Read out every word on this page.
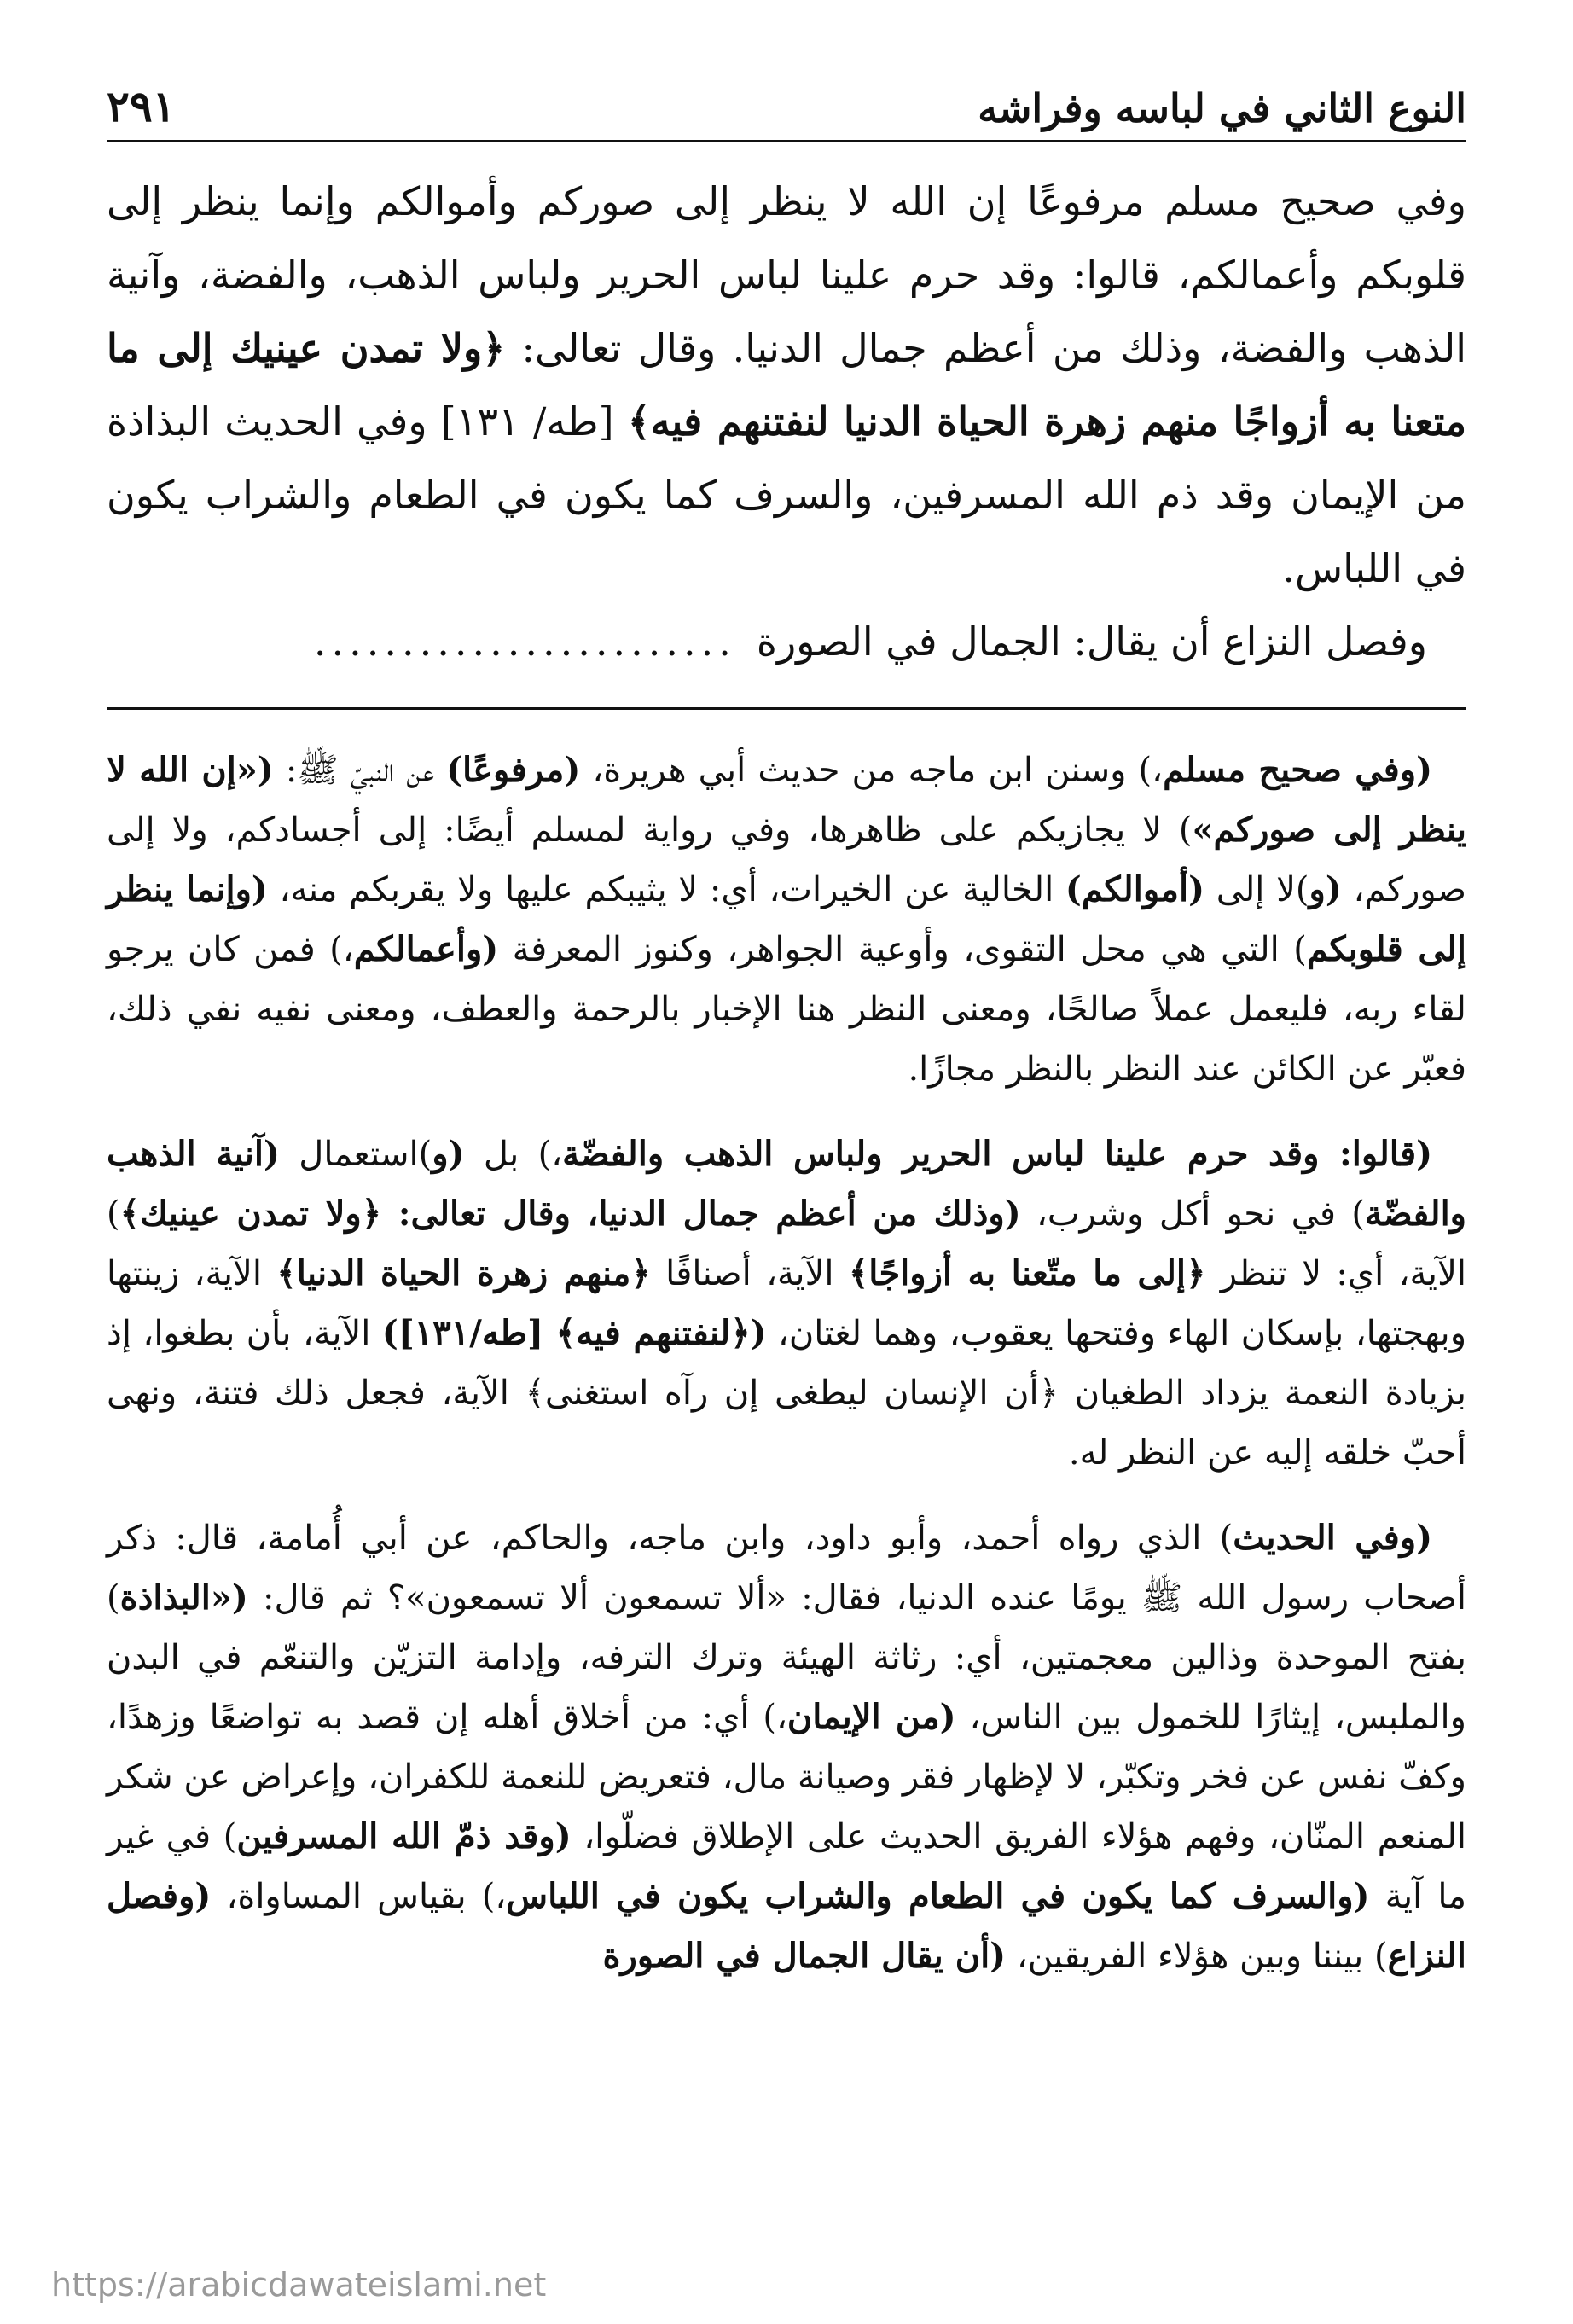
النوع الثاني في لباسه وفراشه
٢٩١

وفي صحيح مسلم مرفوعًا إن الله لا ينظر إلى صوركم وأموالكم وإنما ينظر إلى قلوبكم وأعمالكم، قالوا: وقد حرم علينا لباس الحرير ولباس الذهب، والفضة، وآنية الذهب والفضة، وذلك من أعظم جمال الدنيا. وقال تعالى: ﴿ولا تمدن عينيك إلى ما متعنا به أزواجًا منهم زهرة الحياة الدنيا لنفتنهم فيه﴾ [طه/ ١٣١] وفي الحديث البذاذة من الإيمان وقد ذم الله المسرفين، والسرف كما يكون في الطعام والشراب يكون في اللباس.

 وفصل النزاع أن يقال: الجمال في الصورة........................

 (وفي صحيح مسلم،) وسنن ابن ماجه من حديث أبي هريرة، (مرفوعًا) عن النبيّ ﷺ: («إن الله لا ينظر إلى صوركم») لا يجازيكم على ظاهرها، وفي رواية لمسلم أيضًا: إلى أجسادكم، ولا إلى صوركم، (و)لا إلى (أموالكم) الخالية عن الخيرات، أي: لا يثيبكم عليها ولا يقربكم منه، (وإنما ينظر إلى قلوبكم) التي هي محل التقوى، وأوعية الجواهر، وكنوز المعرفة (وأعمالكم،) فمن كان يرجو لقاء ربه، فليعمل عملاً صالحًا، ومعنى النظر هنا الإخبار بالرحمة والعطف، ومعنى نفيه نفي ذلك، فعبّر عن الكائن عند النظر بالنظر مجازًا.

 (قالوا: وقد حرم علينا لباس الحرير ولباس الذهب والفضّة،) بل (و)استعمال (آنية الذهب والفضّة) في نحو أكل وشرب، (وذلك من أعظم جمال الدنيا، وقال تعالى: ﴿ولا تمدن عينيك﴾) الآية، أي: لا تنظر ﴿إلى ما متّعنا به أزواجًا﴾ الآية، أصنافًا ﴿منهم زهرة الحياة الدنيا﴾ الآية، زينتها وبهجتها، بإسكان الهاء وفتحها يعقوب، وهما لغتان، (﴿لنفتنهم فيه﴾ [طه/١٣١]) الآية، بأن بطغوا، إذ بزيادة النعمة يزداد الطغيان ﴿أن الإنسان ليطغى إن رآه استغنى﴾ الآية، فجعل ذلك فتنة، ونهى أحبّ خلقه إليه عن النظر له.

 (وفي الحديث) الذي رواه أحمد، وأبو داود، وابن ماجه، والحاكم، عن أبي أُمامة، قال: ذكر أصحاب رسول الله ﷺ يومًا عنده الدنيا، فقال: «ألا تسمعون ألا تسمعون»؟ ثم قال: («البذاذة) بفتح الموحدة وذالين معجمتين، أي: رثاثة الهيئة وترك الترفه، وإدامة التزيّن والتنعّم في البدن والملبس، إيثارًا للخمول بين الناس، (من الإيمان،) أي: من أخلاق أهله إن قصد به تواضعًا وزهدًا، وكفّ نفس عن فخر وتكبّر، لا لإظهار فقر وصيانة مال، فتعريض للنعمة للكفران، وإعراض عن شكر المنعم المنّان، وفهم هؤلاء الفريق الحديث على الإطلاق فضلّوا، (وقد ذمّ الله المسرفين) في غير ما آية (والسرف كما يكون في الطعام والشراب يكون في اللباس،) بقياس المساواة، (وفصل النزاع) بيننا وبين هؤلاء الفريقين، (أن يقال الجمال في الصورة

https://arabicdawateislami.net
